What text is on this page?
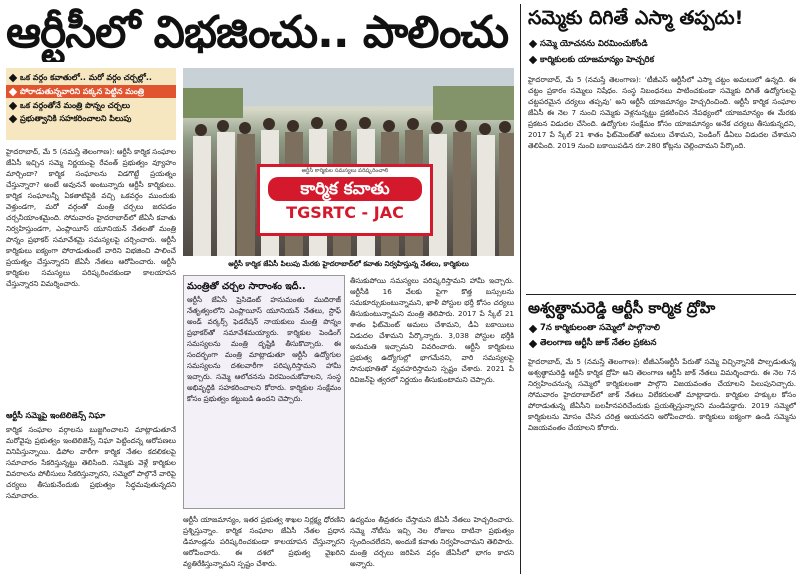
ఆర్టీసీలో విభజించు.. పాలించు
ఒక వర్గం కవాతులో.. మరో వర్గం చర్చల్లో..
పోరాడుతున్నవారిని పక్కన పెట్టిన మంత్రి
ఒక వర్గంతోనే మంత్రి పొన్నం చర్చలు
ప్రభుత్వానికి సహకరించాలని పిలుపు
హైదరాబాద్‌, మే 5 (నమస్తే తెలంగాణ): ఆర్టీసీ కార్మిక సంఘాల జేఏసీ ఇచ్చిన సమ్మె నిర్ణయంపై రేవంత్‌ ప్రభుత్వం వ్యూహం మార్చిందా? కార్మిక సంఘాలను విడగొట్టే ప్రయత్నం చేస్తున్నారా? అంటే అవుననే అంటున్నారు ఆర్టీసీ కార్మికులు. కార్మిక సంఘాలన్నీ ఏకతాటిపైకి వచ్చి ఒకవర్గం ముందుకు వెళ్తుండగా, మరో వర్గంతో మంత్రి చర్చలు జరపడం చర్చనీయాంశమైంది. సోమవారం హైదరాబాద్‌లో జేఏసీ కవాతు నిర్వహిస్తుండగా, ఎంప్లాయీస్‌ యూనియన్‌ నేతలతో మంత్రి పొన్నం ప్రభాకర్‌ సమావేశమై సమస్యలపై చర్చించారు. ఆర్టీసీ కార్మికులు ఐక్యంగా పోరాడుతుంటే వారిని విభజించి పాలించే ప్రయత్నం చేస్తున్నారని జేఏసీ నేతలు ఆరోపించారు. ఆర్టీసీ కార్మికుల సమస్యలు పరిష్కరించకుండా కాలయాపన చేస్తున్నారని విమర్శించారు.
ఆర్టీసీ సమ్మెపై ఇంటెలిజెన్స్‌ నిఘా
కార్మిక సంఘాల వర్గాలను బుజ్జగించాలని మాట్లాడుతూనే మరోవైపు ప్రభుత్వం ఇంటెలిజెన్స్‌ నిఘా పెట్టిందన్న ఆరోపణలు వినిపిస్తున్నాయి. డిపోల వారీగా కార్మిక నేతల కదలికలపై సమాచారం సేకరిస్తున్నట్టు తెలిసింది. సమ్మెకు వెళ్లే కార్మికుల వివరాలను పోలీసులు సేకరిస్తున్నారని, సమ్మెలో పాల్గొనే వారిపై చర్యలు తీసుకునేందుకు ప్రభుత్వం సిద్ధమవుతున్నదని సమాచారం.
ఆర్టీసీ కార్మికుల సమస్యలు పరిష్కరించాలి
కార్మిక కవాతు
TGSRTC - JAC
ఆర్టీసీ కార్మిక జేఏసీ పిలుపు మేరకు హైదరాబాద్‌లో కవాతు నిర్వహిస్తున్న నేతలు, కార్మికులు
మంత్రితో చర్చల సారాంశం ఇదీ..
ఆర్టీసీ జేఏసీ ప్రెసిడెంట్‌ హనుమంతు ముదిరాజ్‌ నేతృత్వంలోని ఎంప్లాయీస్‌ యూనియన్‌ నేతలు, స్టాఫ్‌ అండ్‌ వర్కర్స్‌ ఫెడరేషన్‌ నాయకులు మంత్రి పొన్నం ప్రభాకర్‌తో సమావేశమయ్యారు. కార్మికుల పెండింగ్‌ సమస్యలను మంత్రి దృష్టికి తీసుకొచ్చారు. ఈ సందర్భంగా మంత్రి మాట్లాడుతూ ఆర్టీసీ ఉద్యోగుల సమస్యలను దశలవారీగా పరిష్కరిస్తామని హామీ ఇచ్చారు. సమ్మె ఆలోచనను విరమించుకోవాలని, సంస్థ అభివృద్ధికి సహకరించాలని కోరారు. కార్మికుల సంక్షేమం కోసం ప్రభుత్వం కట్టుబడి ఉందని చెప్పారు.
తీసుకుపోయి సమస్యలు పరిష్కరిస్తామని హామీ ఇచ్చారు. ఆర్టీసీకి 16 వేలకు పైగా కొత్త బస్సులను సమకూర్చుకుంటున్నామని, ఖాళీ పోస్టుల భర్తీ కోసం చర్యలు తీసుకుంటున్నామని మంత్రి తెలిపారు. 2017 పే స్కేల్‌ 21 శాతం ఫిట్‌మెంట్‌ అమలు చేశామని, డీఏ బకాయిలు విడుదల చేశామని పేర్కొన్నారు. 3,038 పోస్టుల భర్తీకి అనుమతి ఇచ్చామని వివరించారు. ఆర్టీసీ కార్మికులు ప్రభుత్వ ఉద్యోగుల్లో భాగమేనని, వారి సమస్యలపై సానుభూతితో వ్యవహరిస్తామని స్పష్టం చేశారు. 2021 పే రివిజన్‌పై త్వరలో నిర్ణయం తీసుకుంటామని చెప్పారు.
ఆర్టీసీ యాజమాన్యం, ఇతర ప్రభుత్వ శాఖల నిర్లక్ష్య ధోరణిని ప్రశ్నిస్తున్నాం. కార్మిక సంఘాల జేఏసీ నేతల ప్రధాన డిమాండ్లను పరిష్కరించకుండా కాలయాపన చేస్తున్నారని ఆరోపించారు. ఈ దశలో ప్రభుత్వ వైఖరిని వ్యతిరేకిస్తున్నామని స్పష్టం చేశారు.
ఉద్యమం తీవ్రతరం చేస్తామని జేఏసీ నేతలు హెచ్చరించారు. సమ్మె నోటీసు ఇచ్చి నెల రోజులు దాటినా ప్రభుత్వం స్పందించలేదని, అందుకే కవాతు నిర్వహించామని తెలిపారు. మంత్రి చర్చలు జరిపిన వర్గం జేఏసీలో భాగం కాదని అన్నారు.
సమ్మెకు దిగితే ఎస్మా తప్పదు!
సమ్మె యోచనను విరమించుకోండి
కార్మికులకు యాజమాన్యం హెచ్చరిక
హైదరాబాద్‌, మే 5 (నమస్తే తెలంగాణ): ‘టీజీఎస్‌ ఆర్టీసీలో ఎస్మా చట్టం అమలులో ఉన్నది. ఈ చట్టం ప్రకారం సమ్మెలు నిషేధం. సంస్థ నిబంధనలు పాటించకుండా సమ్మెకు దిగితే ఉద్యోగులపై చట్టపరమైన చర్యలు తప్పవు’ అని ఆర్టీసీ యాజమాన్యం హెచ్చరించింది. ఆర్టీసీ కార్మిక సంఘాల జేఏసీ ఈ నెల 7 నుంచి సమ్మెకు వెళ్లనున్నట్టు ప్రకటించిన నేపథ్యంలో యాజమాన్యం ఈ మేరకు ప్రకటన విడుదల చేసింది. ఉద్యోగుల సంక్షేమం కోసం యాజమాన్యం అనేక చర్యలు తీసుకున్నదని, 2017 పే స్కేల్‌ 21 శాతం ఫిట్‌మెంట్‌తో అమలు చేశామని, పెండింగ్‌ డీఏలు విడుదల చేశామని తెలిపింది. 2019 నుంచి బకాయిపడిన రూ.280 కోట్లను చెల్లించామని పేర్కొంది.
అశ్వత్థామరెడ్డి ఆర్టీసీ కార్మిక ద్రోహి
7న కార్మికులంతా సమ్మెలో పాల్గొనాలి
తెలంగాణ ఆర్టీసీ జాక్‌ నేతల ప్రకటన
హైదరాబాద్‌, మే 5 (నమస్తే తెలంగాణ): టీజీఎస్‌ఆర్టీసీ పేరుతో సమ్మె విచ్ఛిన్నానికి పాల్పడుతున్న అశ్వత్థామరెడ్డి ఆర్టీసీ కార్మిక ద్రోహి అని తెలంగాణ ఆర్టీసీ జాక్‌ నేతలు విమర్శించారు. ఈ నెల 7న నిర్వహించనున్న సమ్మెలో కార్మికులంతా పాల్గొని విజయవంతం చేయాలని పిలుపునిచ్చారు. సోమవారం హైదరాబాద్‌లో జాక్‌ నేతలు విలేకరులతో మాట్లాడారు. కార్మికుల హక్కుల కోసం పోరాడుతున్న జేఏసీని బలహీనపరిచేందుకు ప్రయత్నిస్తున్నారని మండిపడ్డారు. 2019 సమ్మెలో కార్మికులను మోసం చేసిన చరిత్ర ఆయనదని ఆరోపించారు. కార్మికులు ఐక్యంగా ఉండి సమ్మెను విజయవంతం చేయాలని కోరారు.
